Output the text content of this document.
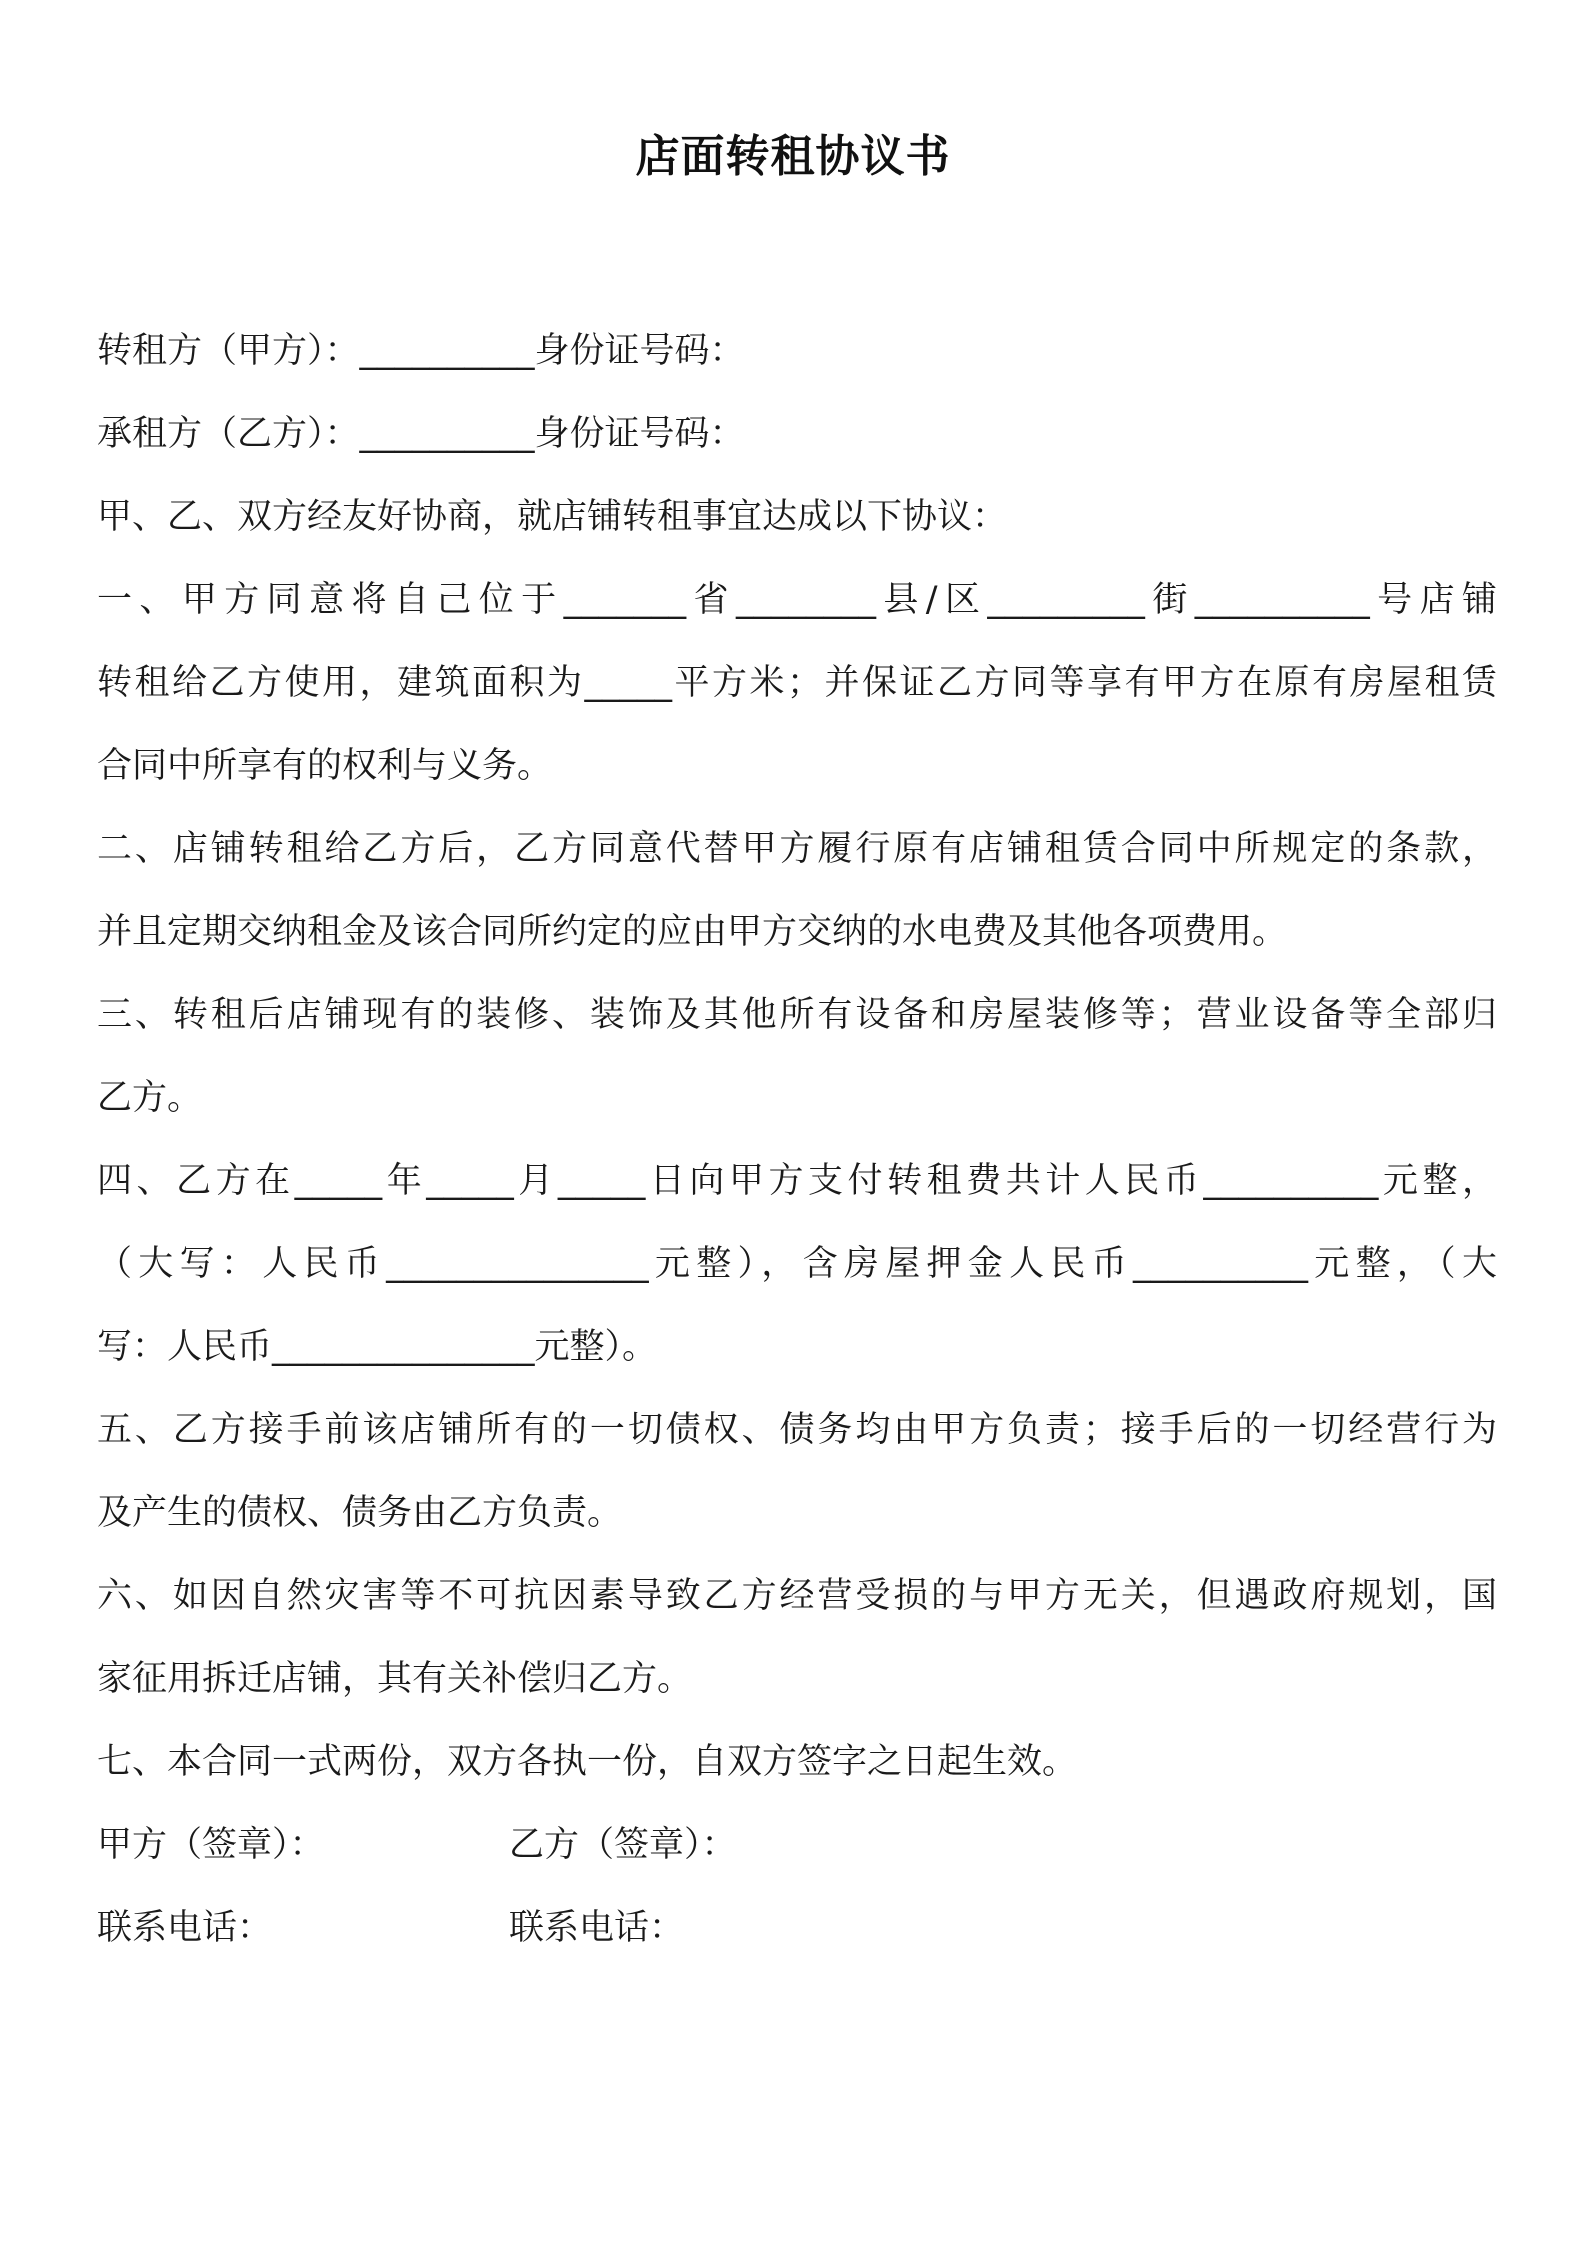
店面转租协议书
转租方（甲方）：__________身份证号码：
承租方（乙方）：__________身份证号码：
甲、乙、双方经友好协商，就店铺转租事宜达成以下协议：
一、甲方同意将自己位于_______省________县/区_________街__________号店铺
转租给乙方使用，建筑面积为_____平方米；并保证乙方同等享有甲方在原有房屋租赁
合同中所享有的权利与义务。
二、店铺转租给乙方后，乙方同意代替甲方履行原有店铺租赁合同中所规定的条款，
并且定期交纳租金及该合同所约定的应由甲方交纳的水电费及其他各项费用。
三、转租后店铺现有的装修、装饰及其他所有设备和房屋装修等；营业设备等全部归
乙方。
四、乙方在_____年_____月_____日向甲方支付转租费共计人民币__________元整，
（大写：人民币_______________元整），含房屋押金人民币__________元整，（大
写：人民币_______________元整）。
五、乙方接手前该店铺所有的一切债权、债务均由甲方负责；接手后的一切经营行为
及产生的债权、债务由乙方负责。
六、如因自然灾害等不可抗因素导致乙方经营受损的与甲方无关，但遇政府规划，国
家征用拆迁店铺，其有关补偿归乙方。
七、本合同一式两份，双方各执一份，自双方签字之日起生效。
甲方（签章）：	乙方（签章）：
联系电话：	联系电话：
